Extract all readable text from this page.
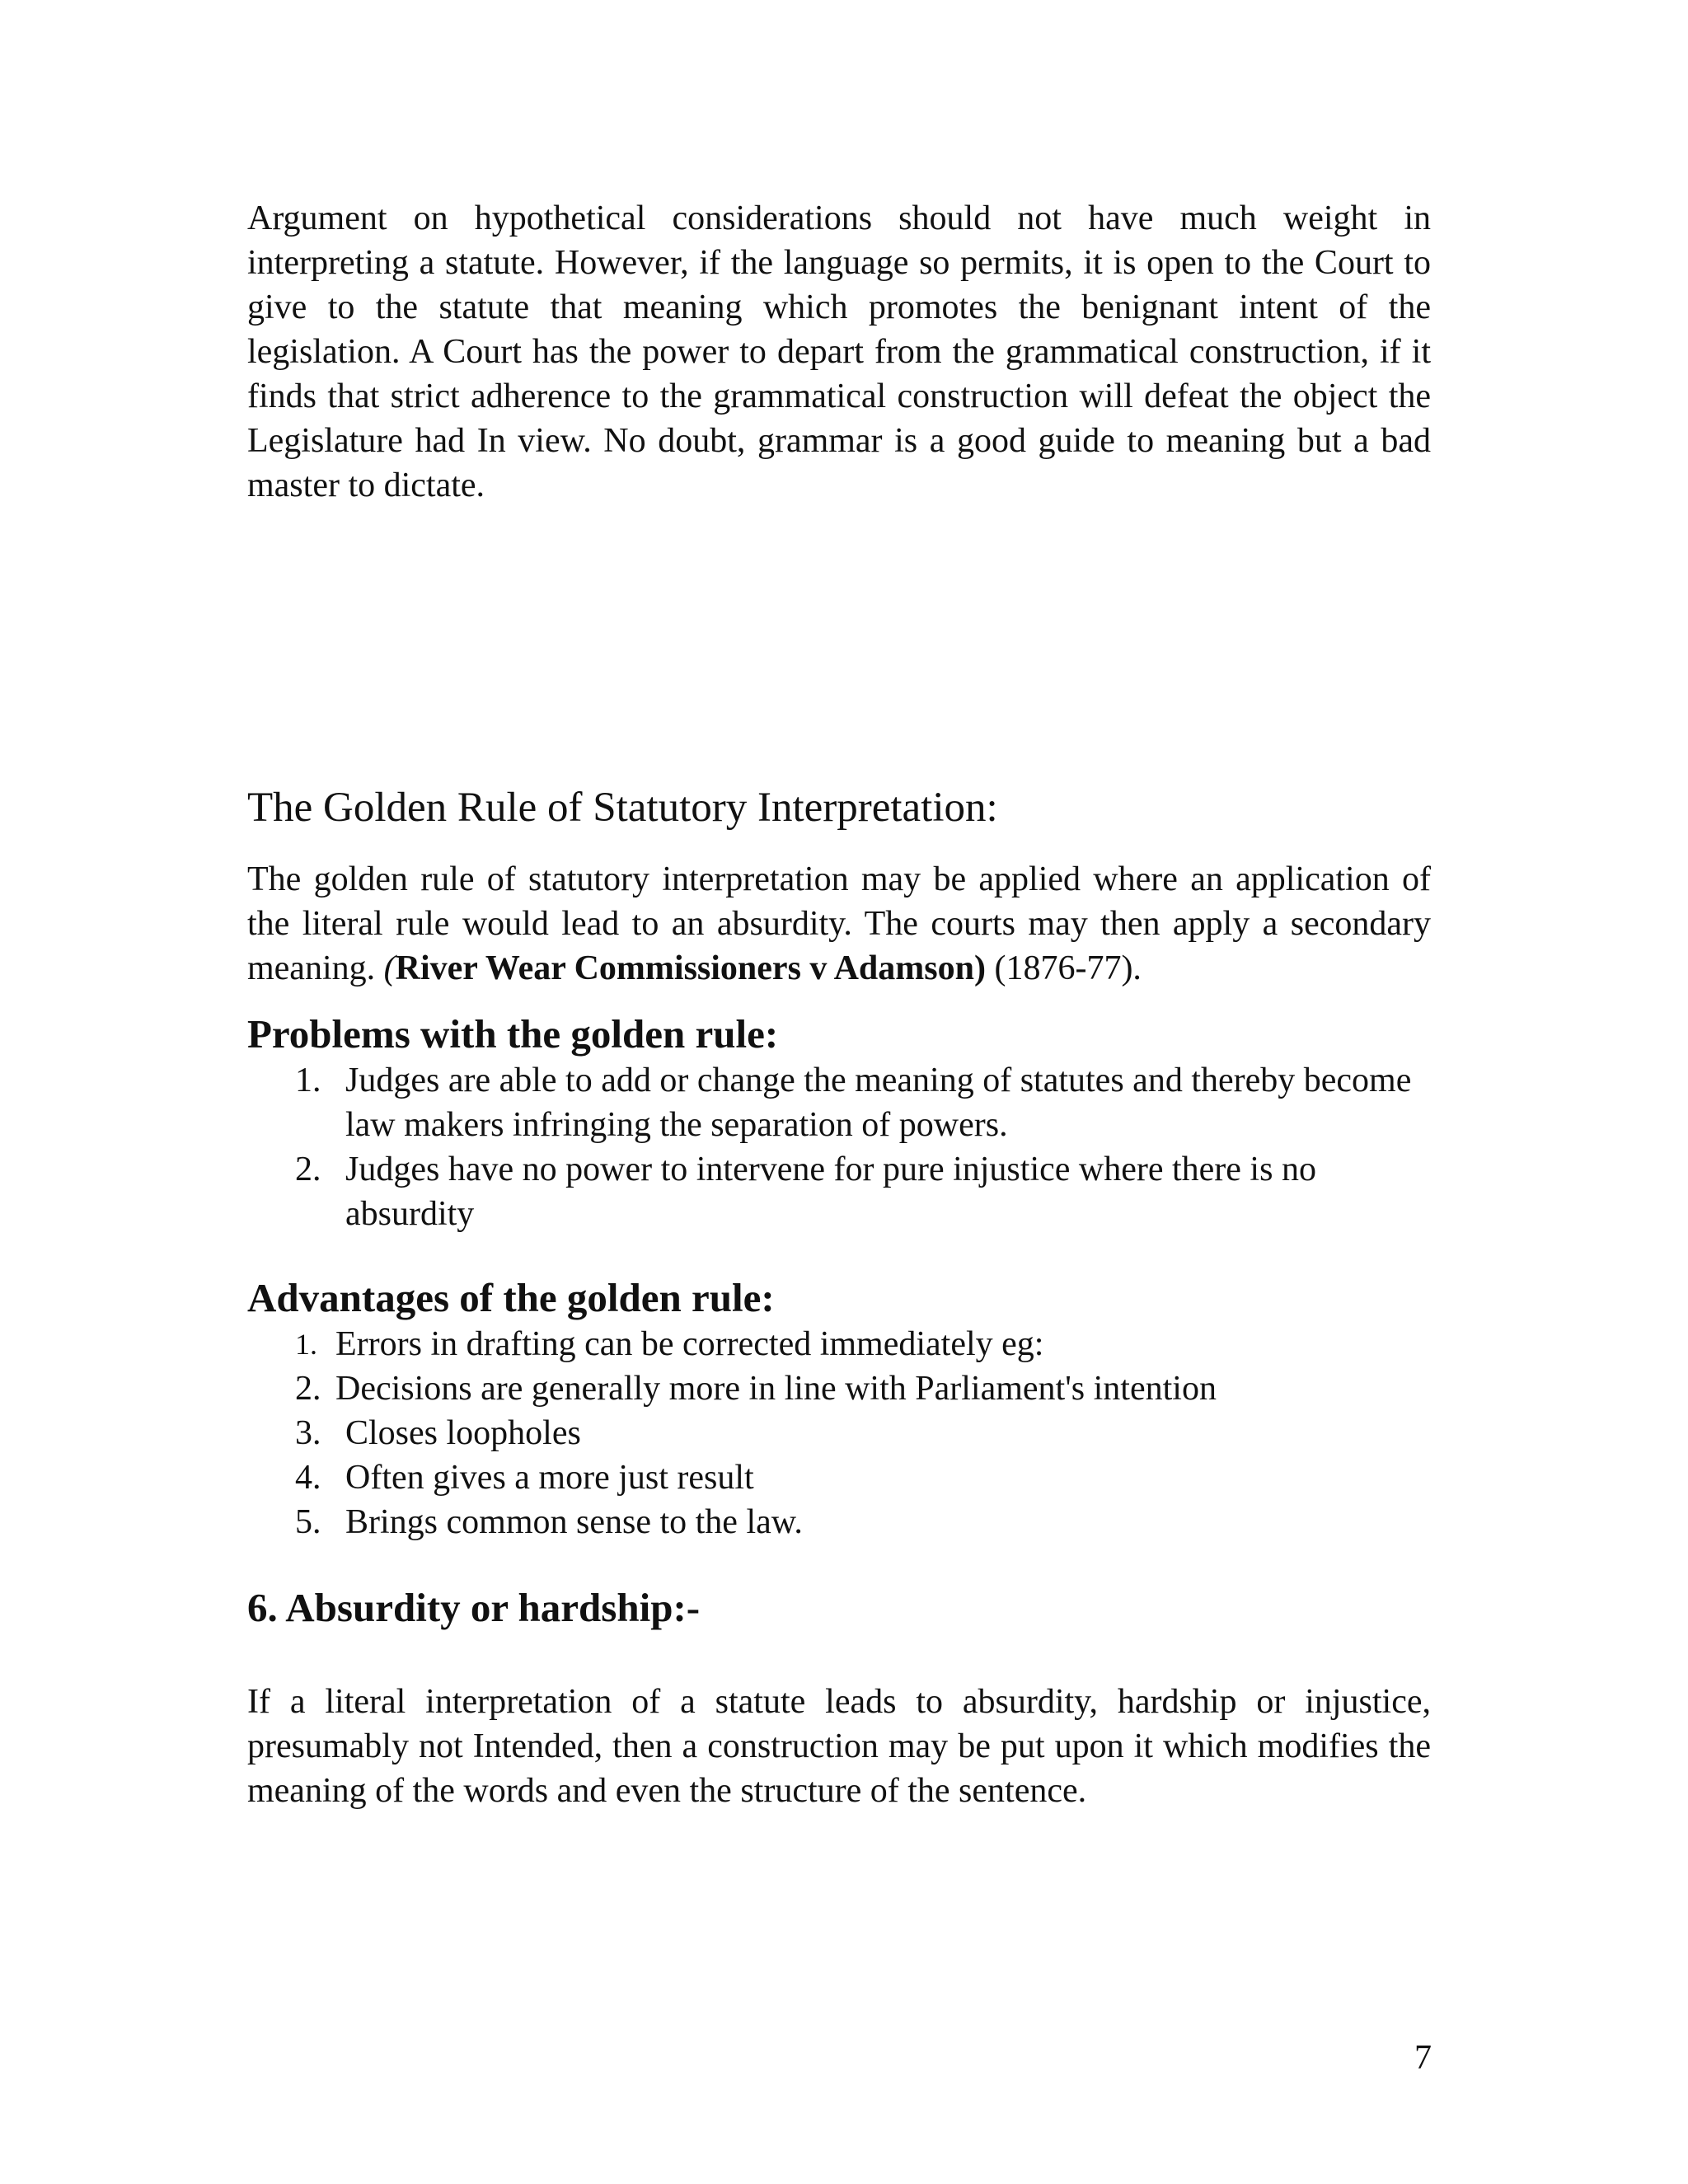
Argument on hypothetical considerations should not have much weight in interpreting a statute. However, if the language so permits, it is open to the Court to give to the statute that meaning which promotes the benignant intent of the legislation. A Court has the power to depart from the grammatical construction, if it finds that strict adherence to the grammatical construction will defeat the object the Legislature had In view. No doubt, grammar is a good guide to meaning but a bad master to dictate.

The Golden Rule of Statutory Interpretation:

The golden rule of statutory interpretation may be applied where an application of the literal rule would lead to an absurdity. The courts may then apply a secondary meaning. (River Wear Commissioners v Adamson) (1876-77).

Problems with the golden rule:
1. Judges are able to add or change the meaning of statutes and thereby become law makers infringing the separation of powers.
2. Judges have no power to intervene for pure injustice where there is no absurdity
Advantages of the golden rule:
1. Errors in drafting can be corrected immediately eg:
2. Decisions are generally more in line with Parliament's intention
3. Closes loopholes
4. Often gives a more just result
5. Brings common sense to the law.
6. Absurdity or hardship:-

If a literal interpretation of a statute leads to absurdity, hardship or injustice, presumably not Intended, then a construction may be put upon it which modifies the meaning of the words and even the structure of the sentence.

7
